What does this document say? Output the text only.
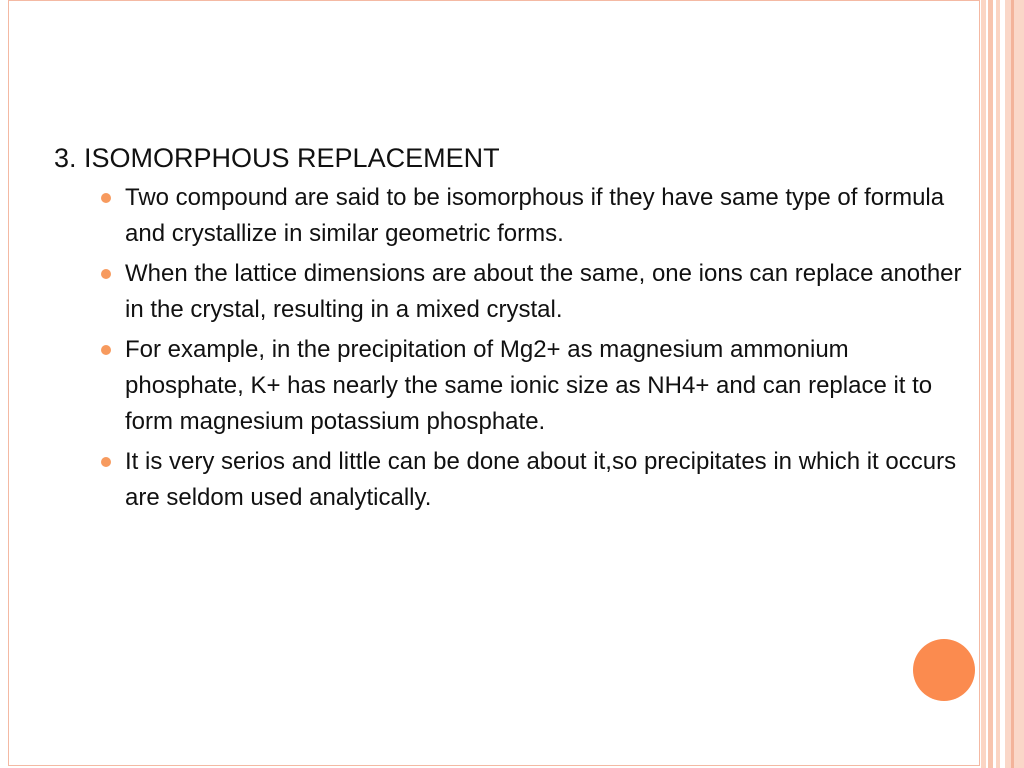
3. ISOMORPHOUS REPLACEMENT
Two compound are said to be isomorphous if they have same type of formula and crystallize in similar geometric forms.
When the lattice dimensions are about the same, one ions can replace another in the crystal, resulting in a mixed crystal.
For example, in the precipitation of Mg2+ as magnesium ammonium phosphate, K+ has nearly the same ionic size as NH4+ and can replace it to form magnesium potassium phosphate.
It is very serios and little can be done about it,so precipitates in which it occurs are seldom used analytically.
